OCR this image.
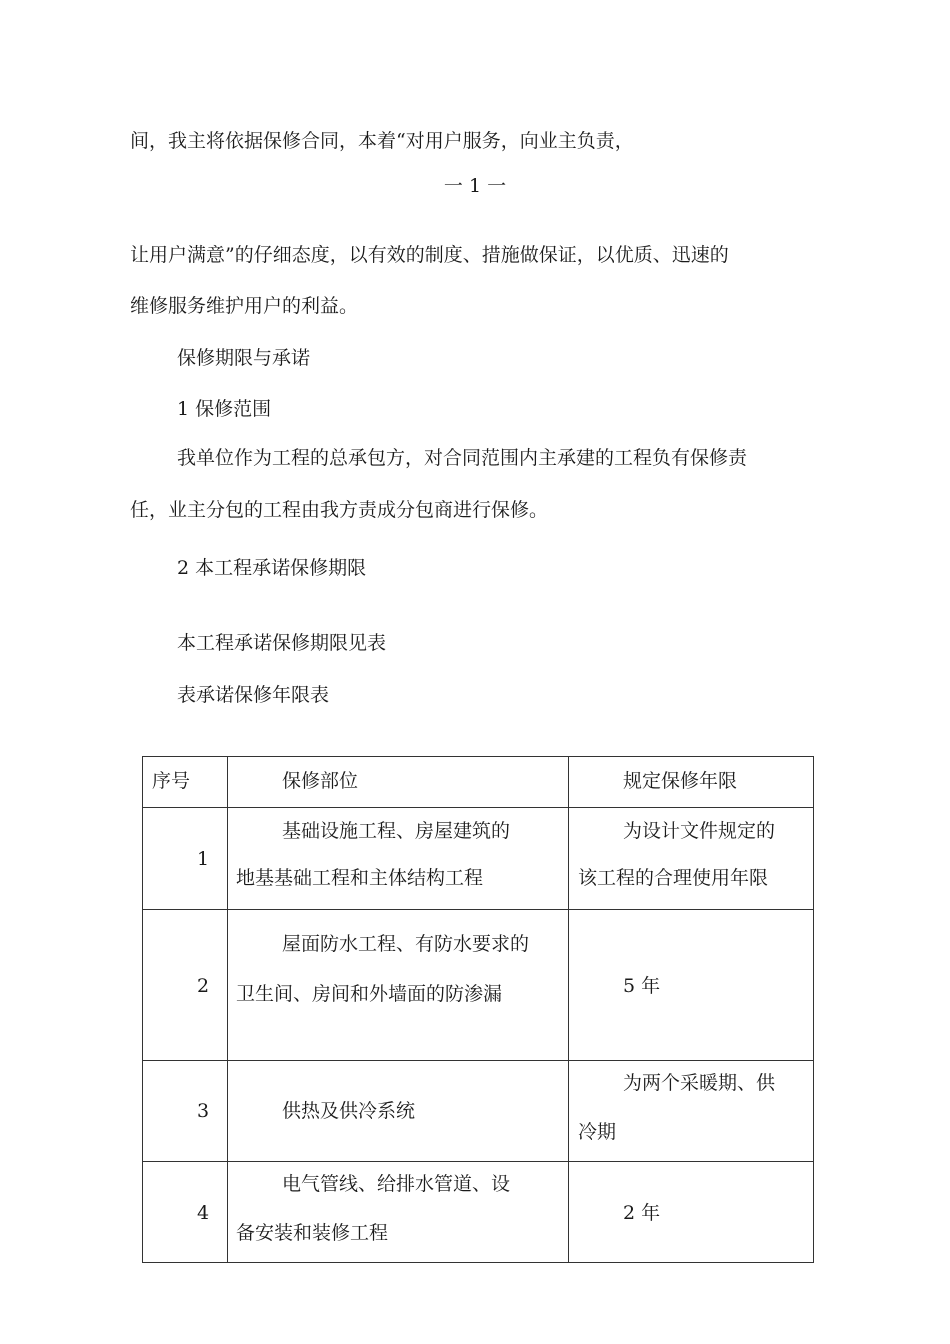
间，我主将依据保修合同，本着“对用户服务，向业主负责，
一 1 一
让用户满意”的仔细态度，以有效的制度、措施做保证，以优质、迅速的
维修服务维护用户的利益。
保修期限与承诺
1 保修范围
我单位作为工程的总承包方，对合同范围内主承建的工程负有保修责
任，业主分包的工程由我方责成分包商进行保修。
2 本工程承诺保修期限
本工程承诺保修期限见表
表承诺保修年限表
序号	保修部位	规定保修年限

1	基础设施工程、房屋建筑的
地基基础工程和主体结构工程	为设计文件规定的
该工程的合理使用年限

2	屋面防水工程、有防水要求的
卫生间、房间和外墙面的防渗漏	5 年

3	供热及供冷系统	为两个采暖期、供
冷期

4	电气管线、给排水管道、设
备安装和装修工程	2 年
